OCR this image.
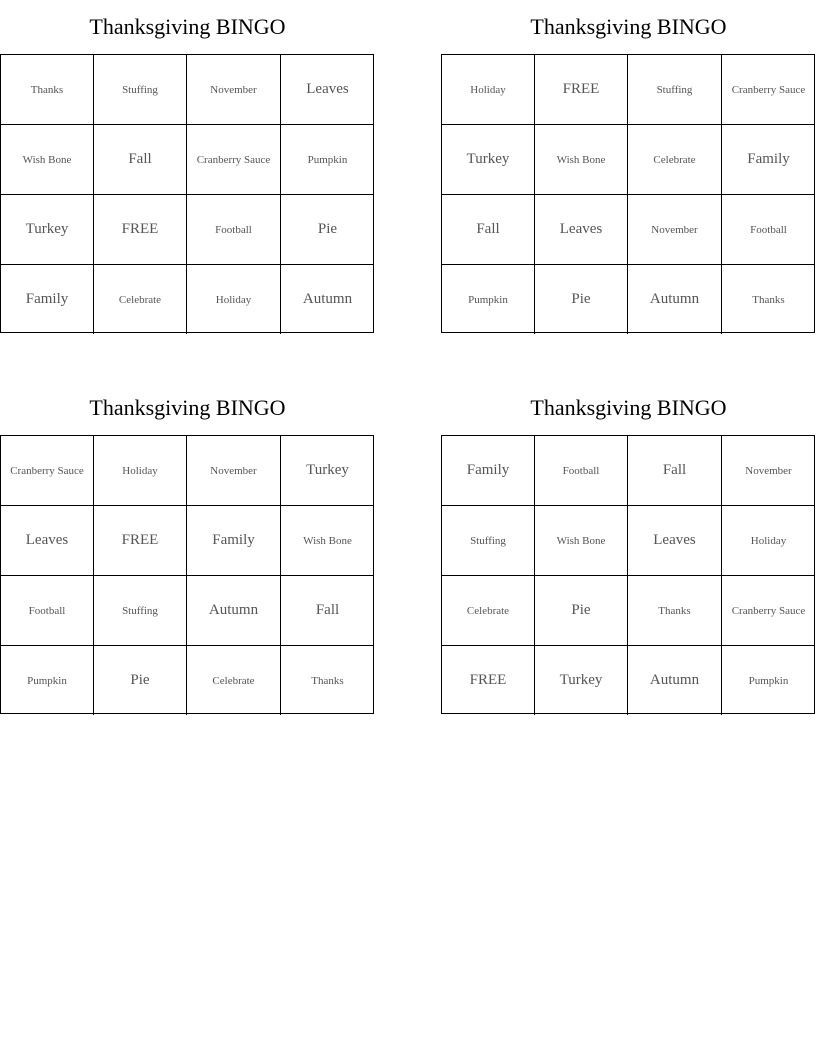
Thanksgiving BINGO
Thanks	Stuffing	November	Leaves
Wish Bone	Fall	Cranberry Sauce	Pumpkin
Turkey	FREE	Football	Pie
Family	Celebrate	Holiday	Autumn
Thanksgiving BINGO
Holiday	FREE	Stuffing	Cranberry Sauce
Turkey	Wish Bone	Celebrate	Family
Fall	Leaves	November	Football
Pumpkin	Pie	Autumn	Thanks
Thanksgiving BINGO
Cranberry Sauce	Holiday	November	Turkey
Leaves	FREE	Family	Wish Bone
Football	Stuffing	Autumn	Fall
Pumpkin	Pie	Celebrate	Thanks
Thanksgiving BINGO
Family	Football	Fall	November
Stuffing	Wish Bone	Leaves	Holiday
Celebrate	Pie	Thanks	Cranberry Sauce
FREE	Turkey	Autumn	Pumpkin
